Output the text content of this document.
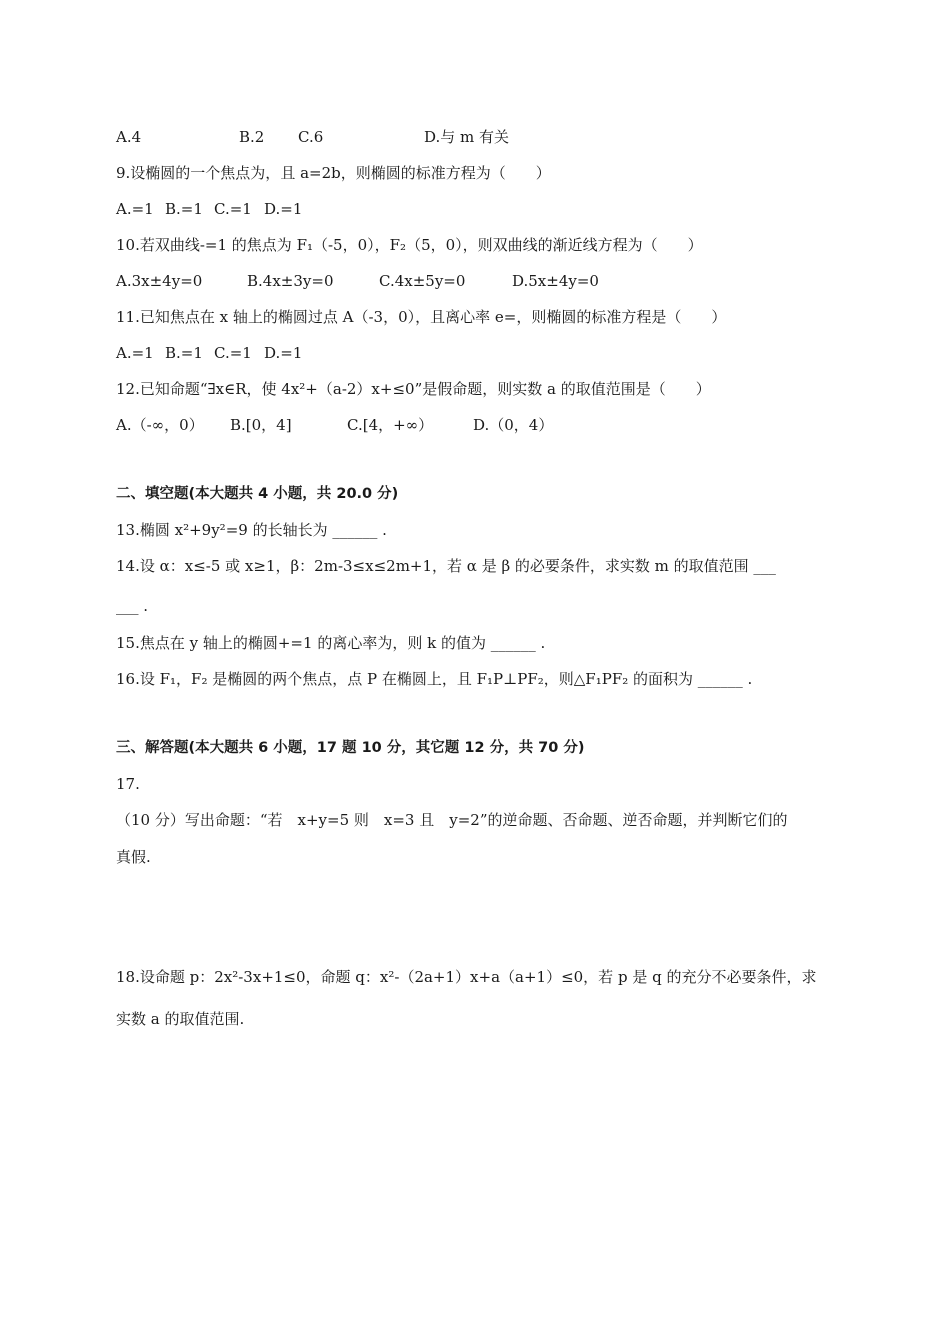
A.4	B.2	C.6	D.与 m 有关
9.设椭圆的一个焦点为，且 a=2b，则椭圆的标准方程为（　　）
A.=1 B.=1 C.=1 D.=1
10.若双曲线-=1 的焦点为 F₁（-5，0），F₂（5，0），则双曲线的渐近线方程为（　　）
A.3x±4y=0	B.4x±3y=0	C.4x±5y=0	D.5x±4y=0
11.已知焦点在 x 轴上的椭圆过点 A（-3，0），且离心率 e=，则椭圆的标准方程是（　　）
A.=1 B.=1 C.=1 D.=1
12.已知命题“∃x∈R，使 4x²+（a-2）x+≤0”是假命题，则实数 a 的取值范围是（　　）
A.（-∞，0）	B.[0，4]	C.[4，+∞）	D.（0，4）
二、填空题(本大题共 4 小题，共 20.0 分)
13.椭圆 x²+9y²=9 的长轴长为 ______ .
14.设 α：x≤-5 或 x≥1，β：2m-3≤x≤2m+1，若 α 是 β 的必要条件，求实数 m 的取值范围 ___
___ .
15.焦点在 y 轴上的椭圆+=1 的离心率为，则 k 的值为 ______ .
16.设 F₁，F₂ 是椭圆的两个焦点，点 P 在椭圆上，且 F₁P⊥PF₂，则△F₁PF₂ 的面积为 ______ .
三、解答题(本大题共 6 小题，17 题 10 分，其它题 12 分，共 70 分)
17.
（10 分）写出命题：“若　x+y=5 则　x=3 且　y=2”的逆命题、否命题、逆否命题，并判断它们的
真假.
18.设命题 p：2x²-3x+1≤0，命题 q：x²-（2a+1）x+a（a+1）≤0，若 p 是 q 的充分不必要条件，求
实数 a 的取值范围.
